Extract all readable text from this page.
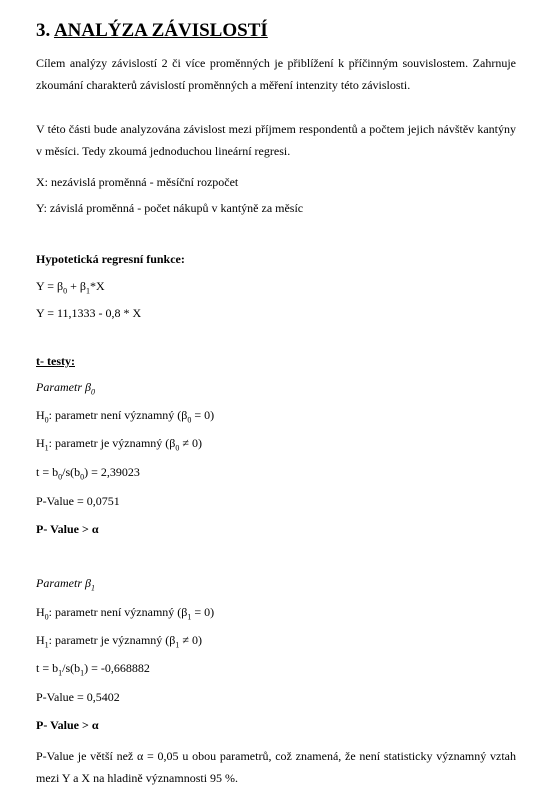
3. ANALÝZA ZÁVISLOSTÍ
Cílem analýzy závislostí 2 či více proměnných je přiblížení k příčinným souvislostem. Zahrnuje zkoumání charakterů závislostí proměnných a měření intenzity této závislosti.
V této části bude analyzována závislost mezi příjmem respondentů a počtem jejich návštěv kantýny v měsíci. Tedy zkoumá jednoduchou lineární regresi.
X: nezávislá proměnná - měsíční rozpočet
Y: závislá proměnná - počet nákupů v kantýně za měsíc
Hypotetická regresní funkce:
$Y = \beta_0 + \beta_1*X$
Y = 11,1333 - 0,8 * X
t- testy:
Parametr $\beta_0$
$H_0$: parametr není významný $(\beta_0 = 0)$
$H_1$: parametr je významný $(\beta_0 \ne 0)$
$t = b_0/s(b_0) = 2,39023$
P-Value = 0,0751
P- Value > α
Parametr $\beta_1$
$H_0$: parametr není významný $(\beta_1 = 0)$
$H_1$: parametr je významný $(\beta_1 \ne 0)$
$t = b_1/s(b_1) = -0,668882$
P-Value = 0,5402
P- Value > α
P-Value je větší než α = 0,05 u obou parametrů, což znamená, že není statisticky významný vztah mezi Y a X na hladině významnosti 95 %.
